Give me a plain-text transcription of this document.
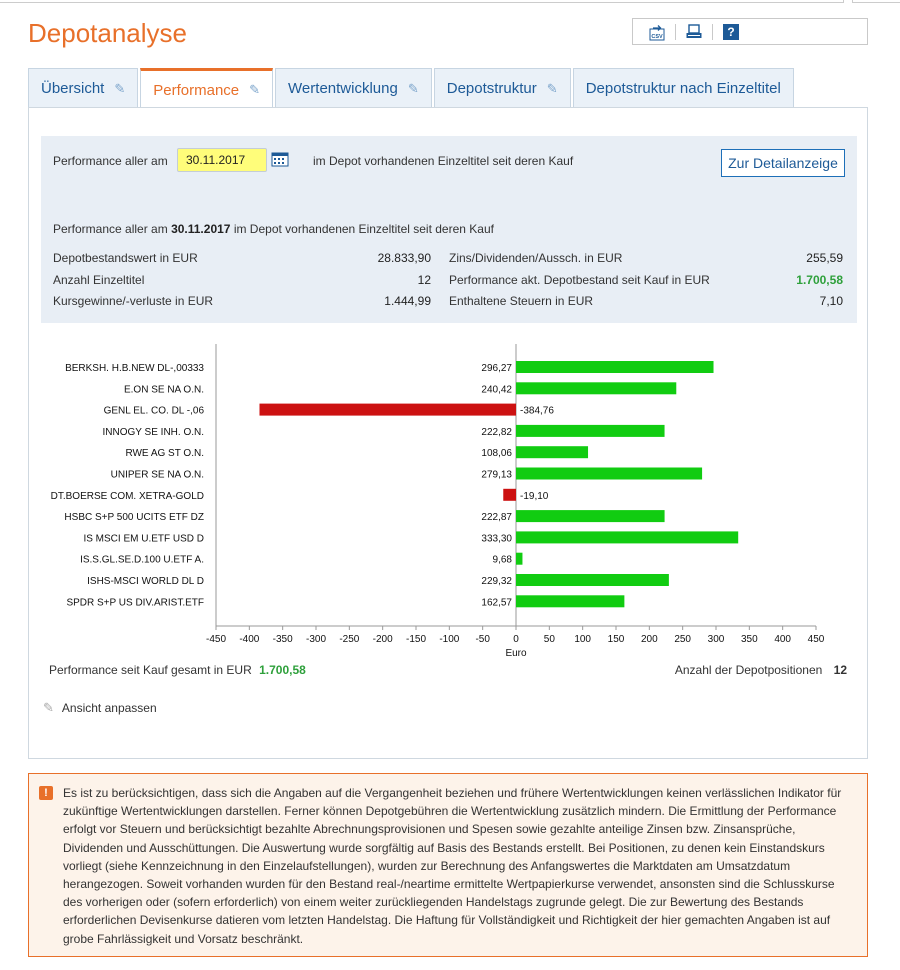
Depotanalyse	CSV	?
Übersicht ✎ Performance ✎ Wertentwicklung ✎ Depotstruktur ✎ Depotstruktur nach Einzeltitel
Performance aller am
30.11.2017	im Depot vorhandenen Einzeltitel seit deren Kauf	Zur Detailanzeige
Performance aller am 30.11.2017 im Depot vorhandenen Einzeltitel seit deren Kauf
Depotbestandswert in EUR	28.833,90
Anzahl Einzeltitel	12
Kursgewinne/-verluste in EUR	1.444,99
Zins/Dividenden/Aussch. in EUR	255,59
Performance akt. Depotbestand seit Kauf in EUR	1.700,58
Enthaltene Steuern in EUR	7,10
BERKSH. H.B.NEW DL-,00333	296,27
E.ON SE NA O.N.	240,42
GENL EL. CO. DL -,06	-384,76
INNOGY SE INH. O.N.	222,82
RWE AG ST O.N.	108,06
UNIPER SE NA O.N.	279,13
DT.BOERSE COM. XETRA-GOLD	-19,10
HSBC S+P 500 UCITS ETF DZ	222,87
IS MSCI EM U.ETF USD D	333,30
IS.S.GL.SE.D.100 U.ETF A.	9,68
ISHS-MSCI WORLD DL D	229,32
SPDR S+P US DIV.ARIST.ETF	162,57
-450 -400 -350 -300 -250 -200 -150 -100 -50 0 50 100 150 200 250 300 350 400 450
Euro
Performance seit Kauf gesamt in EUR 1.700,58	Anzahl der Depotpositionen 12
✎ Ansicht anpassen
!	Es ist zu berücksichtigen, dass sich die Angaben auf die Vergangenheit beziehen und frühere Wertentwicklungen keinen verlässlichen Indikator für zukünftige Wertentwicklungen darstellen. Ferner können Depotgebühren die Wertentwicklung zusätzlich mindern. Die Ermittlung der Performance erfolgt vor Steuern und berücksichtigt bezahlte Abrechnungsprovisionen und Spesen sowie gezahlte anteilige Zinsen bzw. Zinsansprüche, Dividenden und Ausschüttungen. Die Auswertung wurde sorgfältig auf Basis des Bestands erstellt. Bei Positionen, zu denen kein Einstandskurs vorliegt (siehe Kennzeichnung in den Einzelaufstellungen), wurden zur Berechnung des Anfangswertes die Marktdaten am Umsatzdatum herangezogen. Soweit vorhanden wurden für den Bestand real-/neartime ermittelte Wertpapierkurse verwendet, ansonsten sind die Schlusskurse des vorherigen oder (sofern erforderlich) von einem weiter zurückliegenden Handelstags zugrunde gelegt. Die zur Bewertung des Bestands erforderlichen Devisenkurse datieren vom letzten Handelstag. Die Haftung für Vollständigkeit und Richtigkeit der hier gemachten Angaben ist auf grobe Fahrlässigkeit und Vorsatz beschränkt.
